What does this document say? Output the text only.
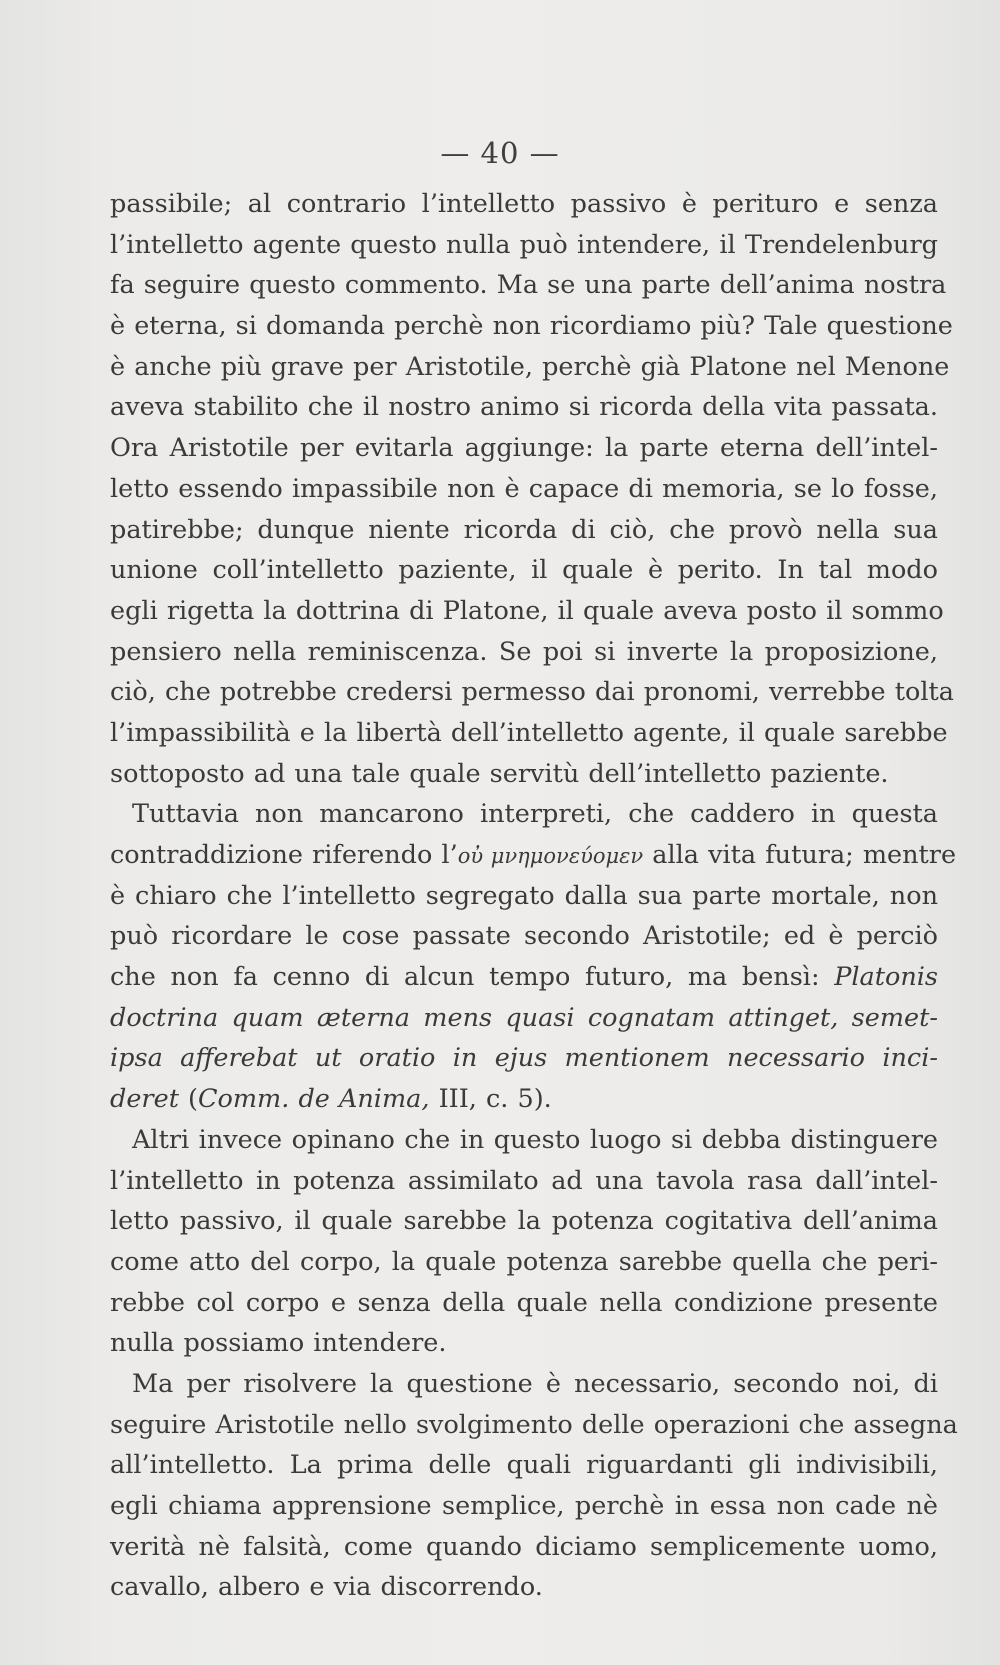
— 40 —
passibile; al contrario l’intelletto passivo è perituro e senza
l’intelletto agente questo nulla può intendere, il Trendelenburg
fa seguire questo commento. Ma se una parte dell’anima nostra
è eterna, si domanda perchè non ricordiamo più? Tale questione
è anche più grave per Aristotile, perchè già Platone nel Menone
aveva stabilito che il nostro animo si ricorda della vita passata.
Ora Aristotile per evitarla aggiunge: la parte eterna dell’intel-
letto essendo impassibile non è capace di memoria, se lo fosse,
patirebbe; dunque niente ricorda di ciò, che provò nella sua
unione coll’intelletto paziente, il quale è perito. In tal modo
egli rigetta la dottrina di Platone, il quale aveva posto il sommo
pensiero nella reminiscenza. Se poi si inverte la proposizione,
ciò, che potrebbe credersi permesso dai pronomi, verrebbe tolta
l’impassibilità e la libertà dell’intelletto agente, il quale sarebbe
sottoposto ad una tale quale servitù dell’intelletto paziente.
Tuttavia non mancarono interpreti, che caddero in questa
contraddizione riferendo l’οὐ μνημονεύομεν alla vita futura; mentre
è chiaro che l’intelletto segregato dalla sua parte mortale, non
può ricordare le cose passate secondo Aristotile; ed è perciò
che non fa cenno di alcun tempo futuro, ma bensì: Platonis
doctrina quam æterna mens quasi cognatam attinget, semet-
ipsa afferebat ut oratio in ejus mentionem necessario inci-
deret (Comm. de Anima, III, c. 5).
Altri invece opinano che in questo luogo si debba distinguere
l’intelletto in potenza assimilato ad una tavola rasa dall’intel-
letto passivo, il quale sarebbe la potenza cogitativa dell’anima
come atto del corpo, la quale potenza sarebbe quella che peri-
rebbe col corpo e senza della quale nella condizione presente
nulla possiamo intendere.
Ma per risolvere la questione è necessario, secondo noi, di
seguire Aristotile nello svolgimento delle operazioni che assegna
all’intelletto. La prima delle quali riguardanti gli indivisibili,
egli chiama apprensione semplice, perchè in essa non cade nè
verità nè falsità, come quando diciamo semplicemente uomo,
cavallo, albero e via discorrendo.
